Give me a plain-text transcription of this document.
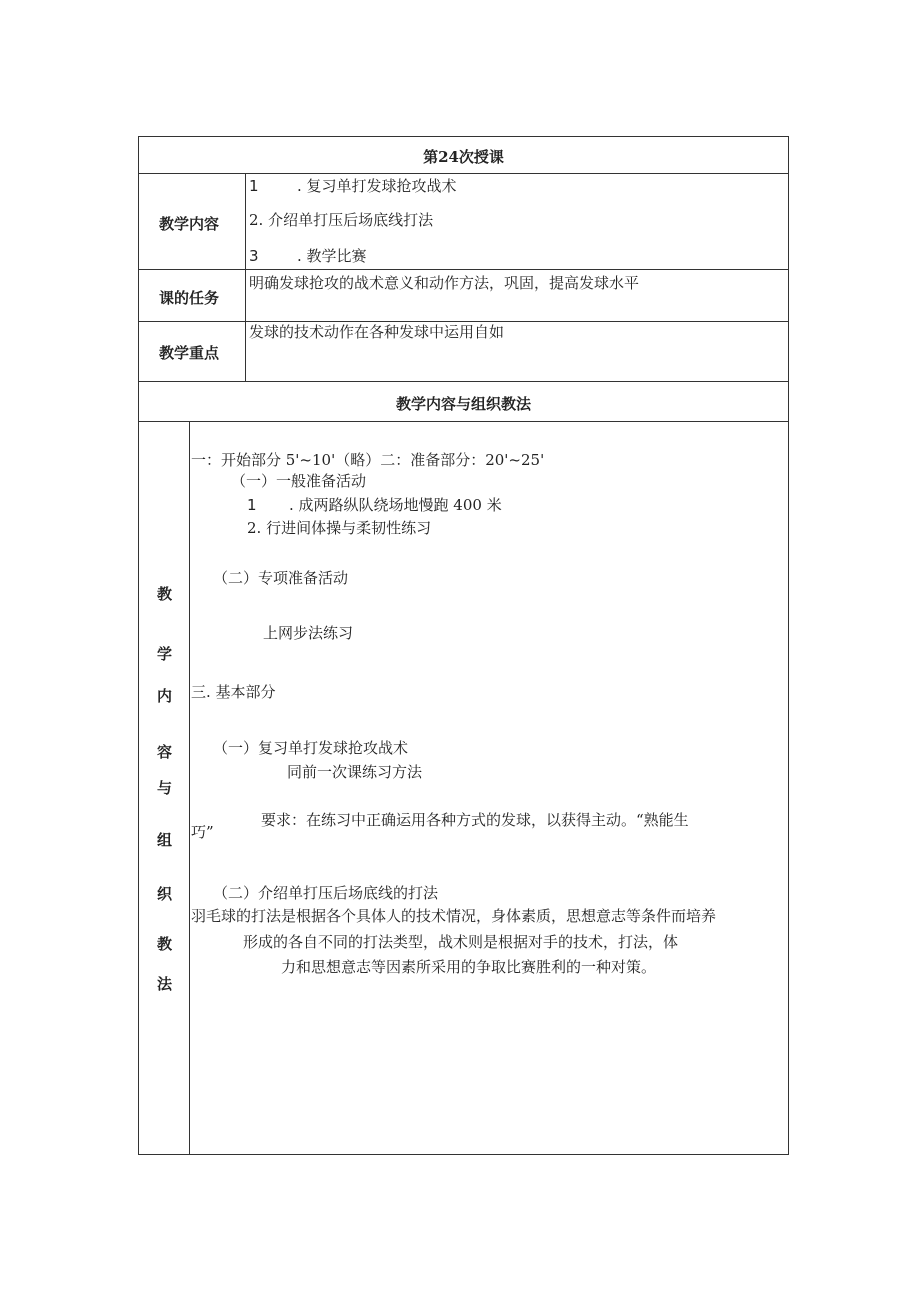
第24次授课
教学内容
1	. 复习单打发球抢攻战术
2. 介绍单打压后场底线打法
3	. 教学比赛
课的任务
明确发球抢攻的战术意义和动作方法，巩固，提高发球水平
教学重点
发球的技术动作在各种发球中运用自如
教学内容与组织教法
教
学
内
容
与
组
织
教
法
一：开始部分 5'~10'（略）二：准备部分：20'~25'
（一）一般准备活动
1 . 成两路纵队绕场地慢跑 400 米
2. 行进间体操与柔韧性练习
（二）专项准备活动
上网步法练习
三. 基本部分
（一）复习单打发球抢攻战术
同前一次课练习方法
要求：在练习中正确运用各种方式的发球，以获得主动。“熟能生
巧”
（二）介绍单打压后场底线的打法
羽毛球的打法是根据各个具体人的技术情况，身体素质，思想意志等条件而培养
形成的各自不同的打法类型，战术则是根据对手的技术，打法，体
力和思想意志等因素所采用的争取比赛胜利的一种对策。
